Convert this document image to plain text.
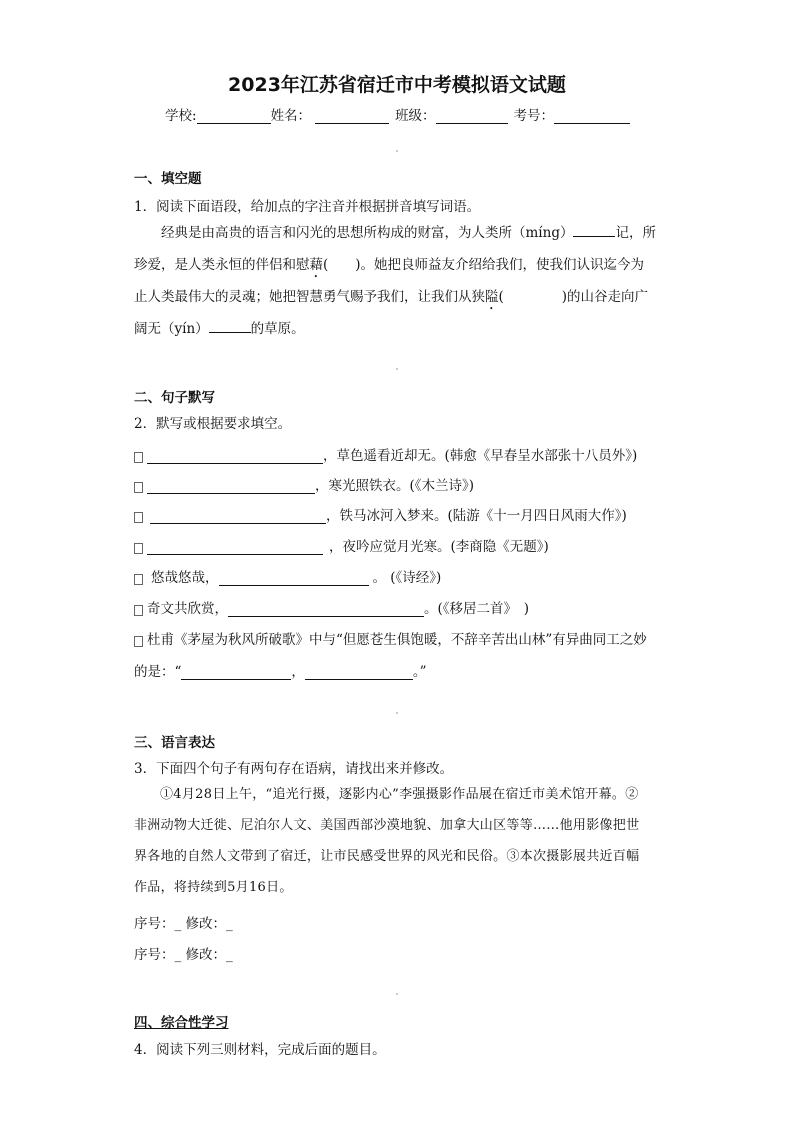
2023年江苏省宿迁市中考模拟语文试题
学校:	姓名：	班级：	考号：
一、填空题
1．阅读下面语段，给加点的字注音并根据拼音填写词语。
经典是由高贵的语言和闪光的思想所构成的财富，为人类所（míng）	记，所
珍爱，是人类永恒的伴侣和慰藉(　　)。她把良师益友介绍给我们，使我们认识迄今为
止人类最伟大的灵魂；她把智慧勇气赐予我们，让我们从狭隘(	)的山谷走向广
阔无（yín）	的草原。
二、句子默写
2．默写或根据要求填空。
，草色遥看近却无。(韩愈《早春呈水部张十八员外》)
，寒光照铁衣。(《木兰诗》)
，铁马冰河入梦来。(陆游《十一月四日风雨大作》)
，夜吟应觉月光寒。(李商隐《无题》)
悠哉悠哉，	。 (《诗经》)
奇文共欣赏，	。(《移居二首》　)
杜甫《茅屋为秋风所破歌》中与“但愿苍生俱饱暖，不辞辛苦出山林”有异曲同工之妙
的是：“	，	。”
三、语言表达
3．下面四个句子有两句存在语病，请找出来并修改。
①4月28日上午，“追光行摄，逐影内心”李强摄影作品展在宿迁市美术馆开幕。②
非洲动物大迁徙、尼泊尔人文、美国西部沙漠地貌、加拿大山区等等……他用影像把世
界各地的自然人文带到了宿迁，让市民感受世界的风光和民俗。③本次摄影展共近百幅
作品，将持续到5月16日。
序号：_ 修改：_
序号：_ 修改：_
四、综合性学习
4．阅读下列三则材料，完成后面的题目。
